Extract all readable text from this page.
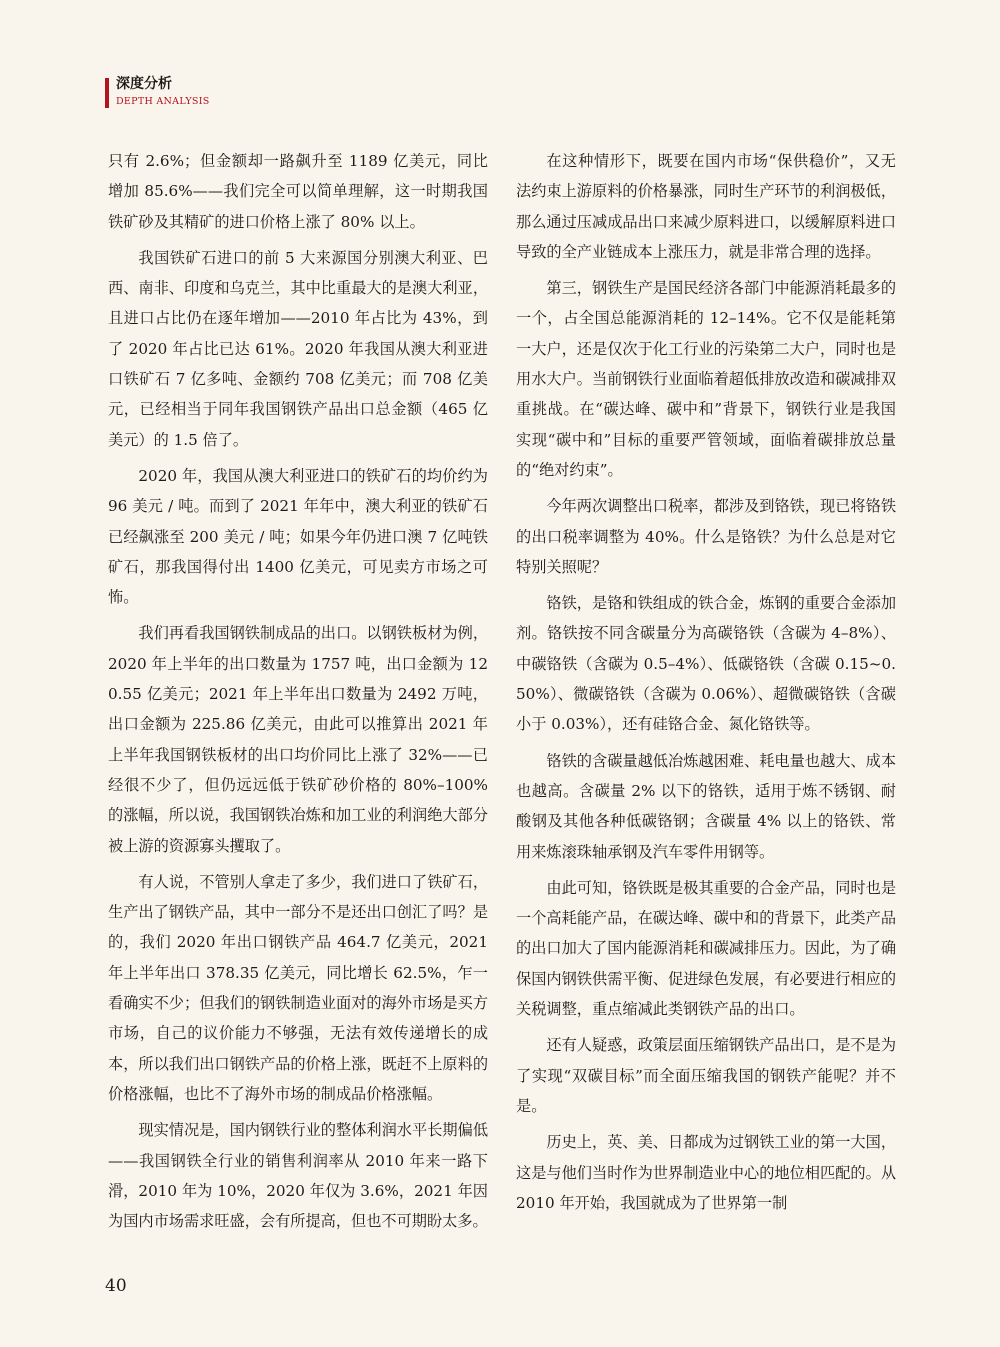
深度分析
DEPTH ANALYSIS

只有 2.6%；但金额却一路飙升至 1189 亿美元，同比增加 85.6%——我们完全可以简单理解，这一时期我国铁矿砂及其精矿的进口价格上涨了 80% 以上。

我国铁矿石进口的前 5 大来源国分别澳大利亚、巴西、南非、印度和乌克兰，其中比重最大的是澳大利亚，且进口占比仍在逐年增加——2010 年占比为 43%，到了 2020 年占比已达 61%。2020 年我国从澳大利亚进口铁矿石 7 亿多吨、金额约 708 亿美元；而 708 亿美元，已经相当于同年我国钢铁产品出口总金额（465 亿美元）的 1.5 倍了。

2020 年，我国从澳大利亚进口的铁矿石的均价约为 96 美元 / 吨。而到了 2021 年年中，澳大利亚的铁矿石已经飙涨至 200 美元 / 吨；如果今年仍进口澳 7 亿吨铁矿石，那我国得付出 1400 亿美元，可见卖方市场之可怖。

我们再看我国钢铁制成品的出口。以钢铁板材为例，2020 年上半年的出口数量为 1757 吨，出口金额为 120.55 亿美元；2021 年上半年出口数量为 2492 万吨，出口金额为 225.86 亿美元，由此可以推算出 2021 年上半年我国钢铁板材的出口均价同比上涨了 32%——已经很不少了，但仍远远低于铁矿砂价格的 80%–100% 的涨幅，所以说，我国钢铁冶炼和加工业的利润绝大部分被上游的资源寡头攫取了。

有人说，不管别人拿走了多少，我们进口了铁矿石，生产出了钢铁产品，其中一部分不是还出口创汇了吗？是的，我们 2020 年出口钢铁产品 464.7 亿美元，2021 年上半年出口 378.35 亿美元，同比增长 62.5%，乍一看确实不少；但我们的钢铁制造业面对的海外市场是买方市场，自己的议价能力不够强，无法有效传递增长的成本，所以我们出口钢铁产品的价格上涨，既赶不上原料的价格涨幅，也比不了海外市场的制成品价格涨幅。

现实情况是，国内钢铁行业的整体利润水平长期偏低——我国钢铁全行业的销售利润率从 2010 年来一路下滑，2010 年为 10%，2020 年仅为 3.6%，2021 年因为国内市场需求旺盛，会有所提高，但也不可期盼太多。

在这种情形下，既要在国内市场“保供稳价”，又无法约束上游原料的价格暴涨，同时生产环节的利润极低，那么通过压减成品出口来减少原料进口，以缓解原料进口导致的全产业链成本上涨压力，就是非常合理的选择。

第三，钢铁生产是国民经济各部门中能源消耗最多的一个，占全国总能源消耗的 12–14%。它不仅是能耗第一大户，还是仅次于化工行业的污染第二大户，同时也是用水大户。当前钢铁行业面临着超低排放改造和碳减排双重挑战。在“碳达峰、碳中和”背景下，钢铁行业是我国实现“碳中和”目标的重要严管领域，面临着碳排放总量的“绝对约束”。

今年两次调整出口税率，都涉及到铬铁，现已将铬铁的出口税率调整为 40%。什么是铬铁？为什么总是对它特别关照呢？

铬铁，是铬和铁组成的铁合金，炼钢的重要合金添加剂。铬铁按不同含碳量分为高碳铬铁（含碳为 4–8%）、中碳铬铁（含碳为 0.5–4%）、低碳铬铁（含碳 0.15~0.50%）、微碳铬铁（含碳为 0.06%）、超微碳铬铁（含碳小于 0.03%），还有硅铬合金、氮化铬铁等。

铬铁的含碳量越低冶炼越困难、耗电量也越大、成本也越高。含碳量 2% 以下的铬铁，适用于炼不锈钢、耐酸钢及其他各种低碳铬钢；含碳量 4% 以上的铬铁、常用来炼滚珠轴承钢及汽车零件用钢等。

由此可知，铬铁既是极其重要的合金产品，同时也是一个高耗能产品，在碳达峰、碳中和的背景下，此类产品的出口加大了国内能源消耗和碳减排压力。因此，为了确保国内钢铁供需平衡、促进绿色发展，有必要进行相应的关税调整，重点缩减此类钢铁产品的出口。

还有人疑惑，政策层面压缩钢铁产品出口，是不是为了实现“双碳目标”而全面压缩我国的钢铁产能呢？并不是。

历史上，英、美、日都成为过钢铁工业的第一大国，这是与他们当时作为世界制造业中心的地位相匹配的。从 2010 年开始，我国就成为了世界第一制

40
